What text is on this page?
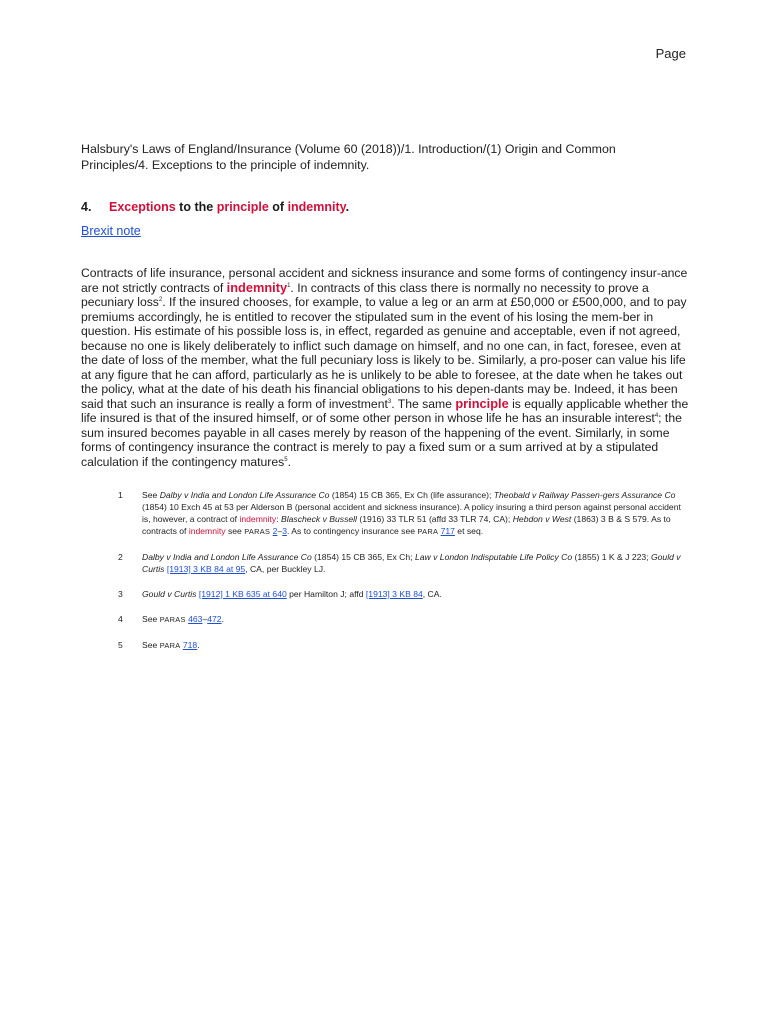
Page
Halsbury's Laws of England/Insurance (Volume 60 (2018))/1. Introduction/(1) Origin and Common Principles/4. Exceptions to the principle of indemnity.
4. Exceptions to the principle of indemnity.
Brexit note
Contracts of life insurance, personal accident and sickness insurance and some forms of contingency insur-ance are not strictly contracts of indemnity$^1$. In contracts of this class there is normally no necessity to prove a pecuniary loss$^2$. If the insured chooses, for example, to value a leg or an arm at £50,000 or £500,000, and to pay premiums accordingly, he is entitled to recover the stipulated sum in the event of his losing the mem-ber in question. His estimate of his possible loss is, in effect, regarded as genuine and acceptable, even if not agreed, because no one is likely deliberately to inflict such damage on himself, and no one can, in fact, foresee, even at the date of loss of the member, what the full pecuniary loss is likely to be. Similarly, a pro-poser can value his life at any figure that he can afford, particularly as he is unlikely to be able to foresee, at the date when he takes out the policy, what at the date of his death his financial obligations to his depen-dants may be. Indeed, it has been said that such an insurance is really a form of investment$^3$. The same principle is equally applicable whether the life insured is that of the insured himself, or of some other person in whose life he has an insurable interest$^4$; the sum insured becomes payable in all cases merely by reason of the happening of the event. Similarly, in some forms of contingency insurance the contract is merely to pay a fixed sum or a sum arrived at by a stipulated calculation if the contingency matures$^5$.
1	See Dalby v India and London Life Assurance Co (1854) 15 CB 365, Ex Ch (life assurance); Theobald v Railway Passen-gers Assurance Co (1854) 10 Exch 45 at 53 per Alderson B (personal accident and sickness insurance). A policy insuring a third person against personal accident is, however, a contract of indemnity: Blascheck v Bussell (1916) 33 TLR 51 (affd 33 TLR 74, CA); Hebdon v West (1863) 3 B & S 579. As to contracts of indemnity see PARAS 2–3. As to contingency insurance see PARA 717 et seq.
2	Dalby v India and London Life Assurance Co (1854) 15 CB 365, Ex Ch; Law v London Indisputable Life Policy Co (1855) 1 K & J 223; Gould v Curtis [1913] 3 KB 84 at 95, CA, per Buckley LJ.
3	Gould v Curtis [1912] 1 KB 635 at 640 per Hamilton J; affd [1913] 3 KB 84, CA.
4	See PARAS 463–472.
5	See PARA 718.
